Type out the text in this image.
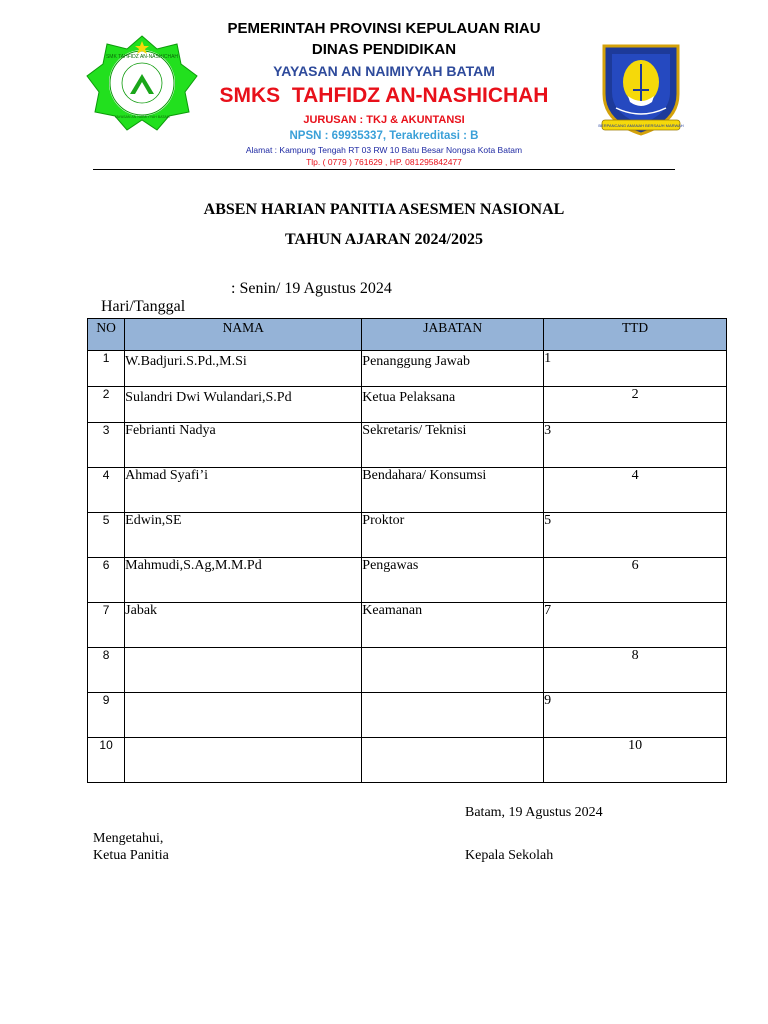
SMK TAHFIDZ AN-NASHICHAH
YAYASAN AN NAIMIYYAH BATAM
PEMERINTAH PROVINSI KEPULAUAN RIAU
DINAS PENDIDIKAN
YAYASAN AN NAIMIYYAH BATAM
SMKS  TAHFIDZ AN-NASHICHAH
JURUSAN : TKJ & AKUNTANSI
NPSN : 69935337, Terakreditasi : B
Alamat : Kampung Tengah RT 03 RW 10 Batu Besar Nongsa Kota Batam
Tlp. ( 0779 ) 761629 , HP. 081295842477
BERPANCANG AMANAH BERSAUH MARWAH
ABSEN HARIAN PANITIA ASESMEN NASIONAL
TAHUN AJARAN 2024/2025

Hari/Tanggal

: Senin/ 19 Agustus 2024

NO	NAMA	JABATAN	TTD
1	W.Badjuri.S.Pd.,M.Si	Penanggung Jawab	1
2	Sulandri Dwi Wulandari,S.Pd	Ketua Pelaksana	2
3	Febrianti Nadya	Sekretaris/ Teknisi	3
4	Ahmad Syafi’i	Bendahara/ Konsumsi	4
5	Edwin,SE	Proktor	5
6	Mahmudi,S.Ag,M.M.Pd	Pengawas	6
7	Jabak	Keamanan	7
8			8
9			9
10			10
Batam, 19 Agustus 2024
Mengetahui,
Ketua Panitia	Kepala Sekolah
